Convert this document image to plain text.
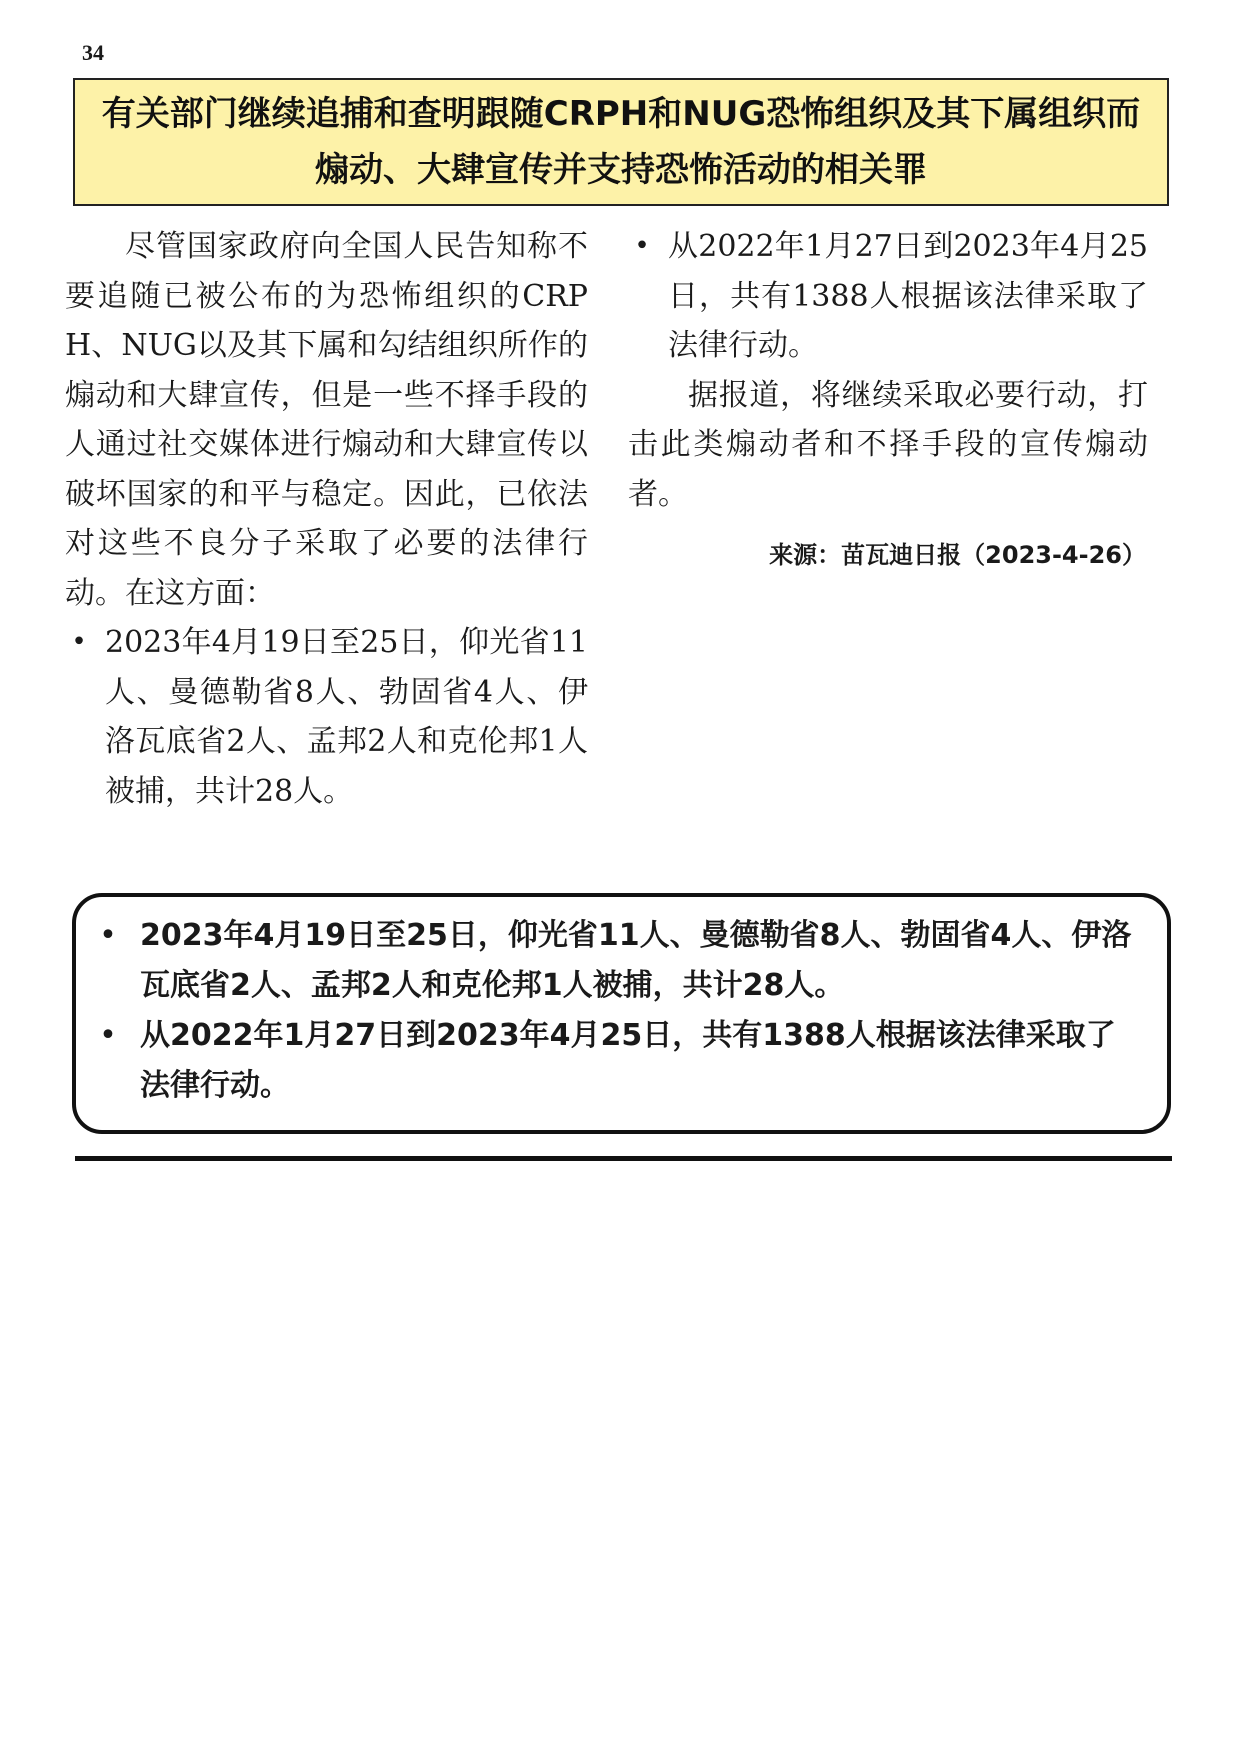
34
有关部门继续追捕和查明跟随CRPH和NUG恐怖组织及其下属组织而
煽动、大肆宣传并支持恐怖活动的相关罪

尽管国家政府向全国人民告知称不要追随已被公布的为恐怖组织的CRPH、NUG以及其下属和勾结组织所作的煽动和大肆宣传，但是一些不择手段的人通过社交媒体进行煽动和大肆宣传以破坏国家的和平与稳定。因此，已依法对这些不良分子采取了必要的法律行动。在这方面：

• 2023年4月19日至25日，仰光省11人、曼德勒省8人、勃固省4人、伊洛瓦底省2人、孟邦2人和克伦邦1人被捕，共计28人。
• 从2022年1月27日到2023年4月25日，共有1388人根据该法律采取了法律行动。

据报道，将继续采取必要行动，打击此类煽动者和不择手段的宣传煽动者。

来源：苗瓦迪日报（2023-4-26）
• 2023年4月19日至25日，仰光省11人、曼德勒省8人、勃固省4人、伊洛瓦底省2人、孟邦2人和克伦邦1人被捕，共计28人。
• 从2022年1月27日到2023年4月25日，共有1388人根据该法律采取了法律行动。
